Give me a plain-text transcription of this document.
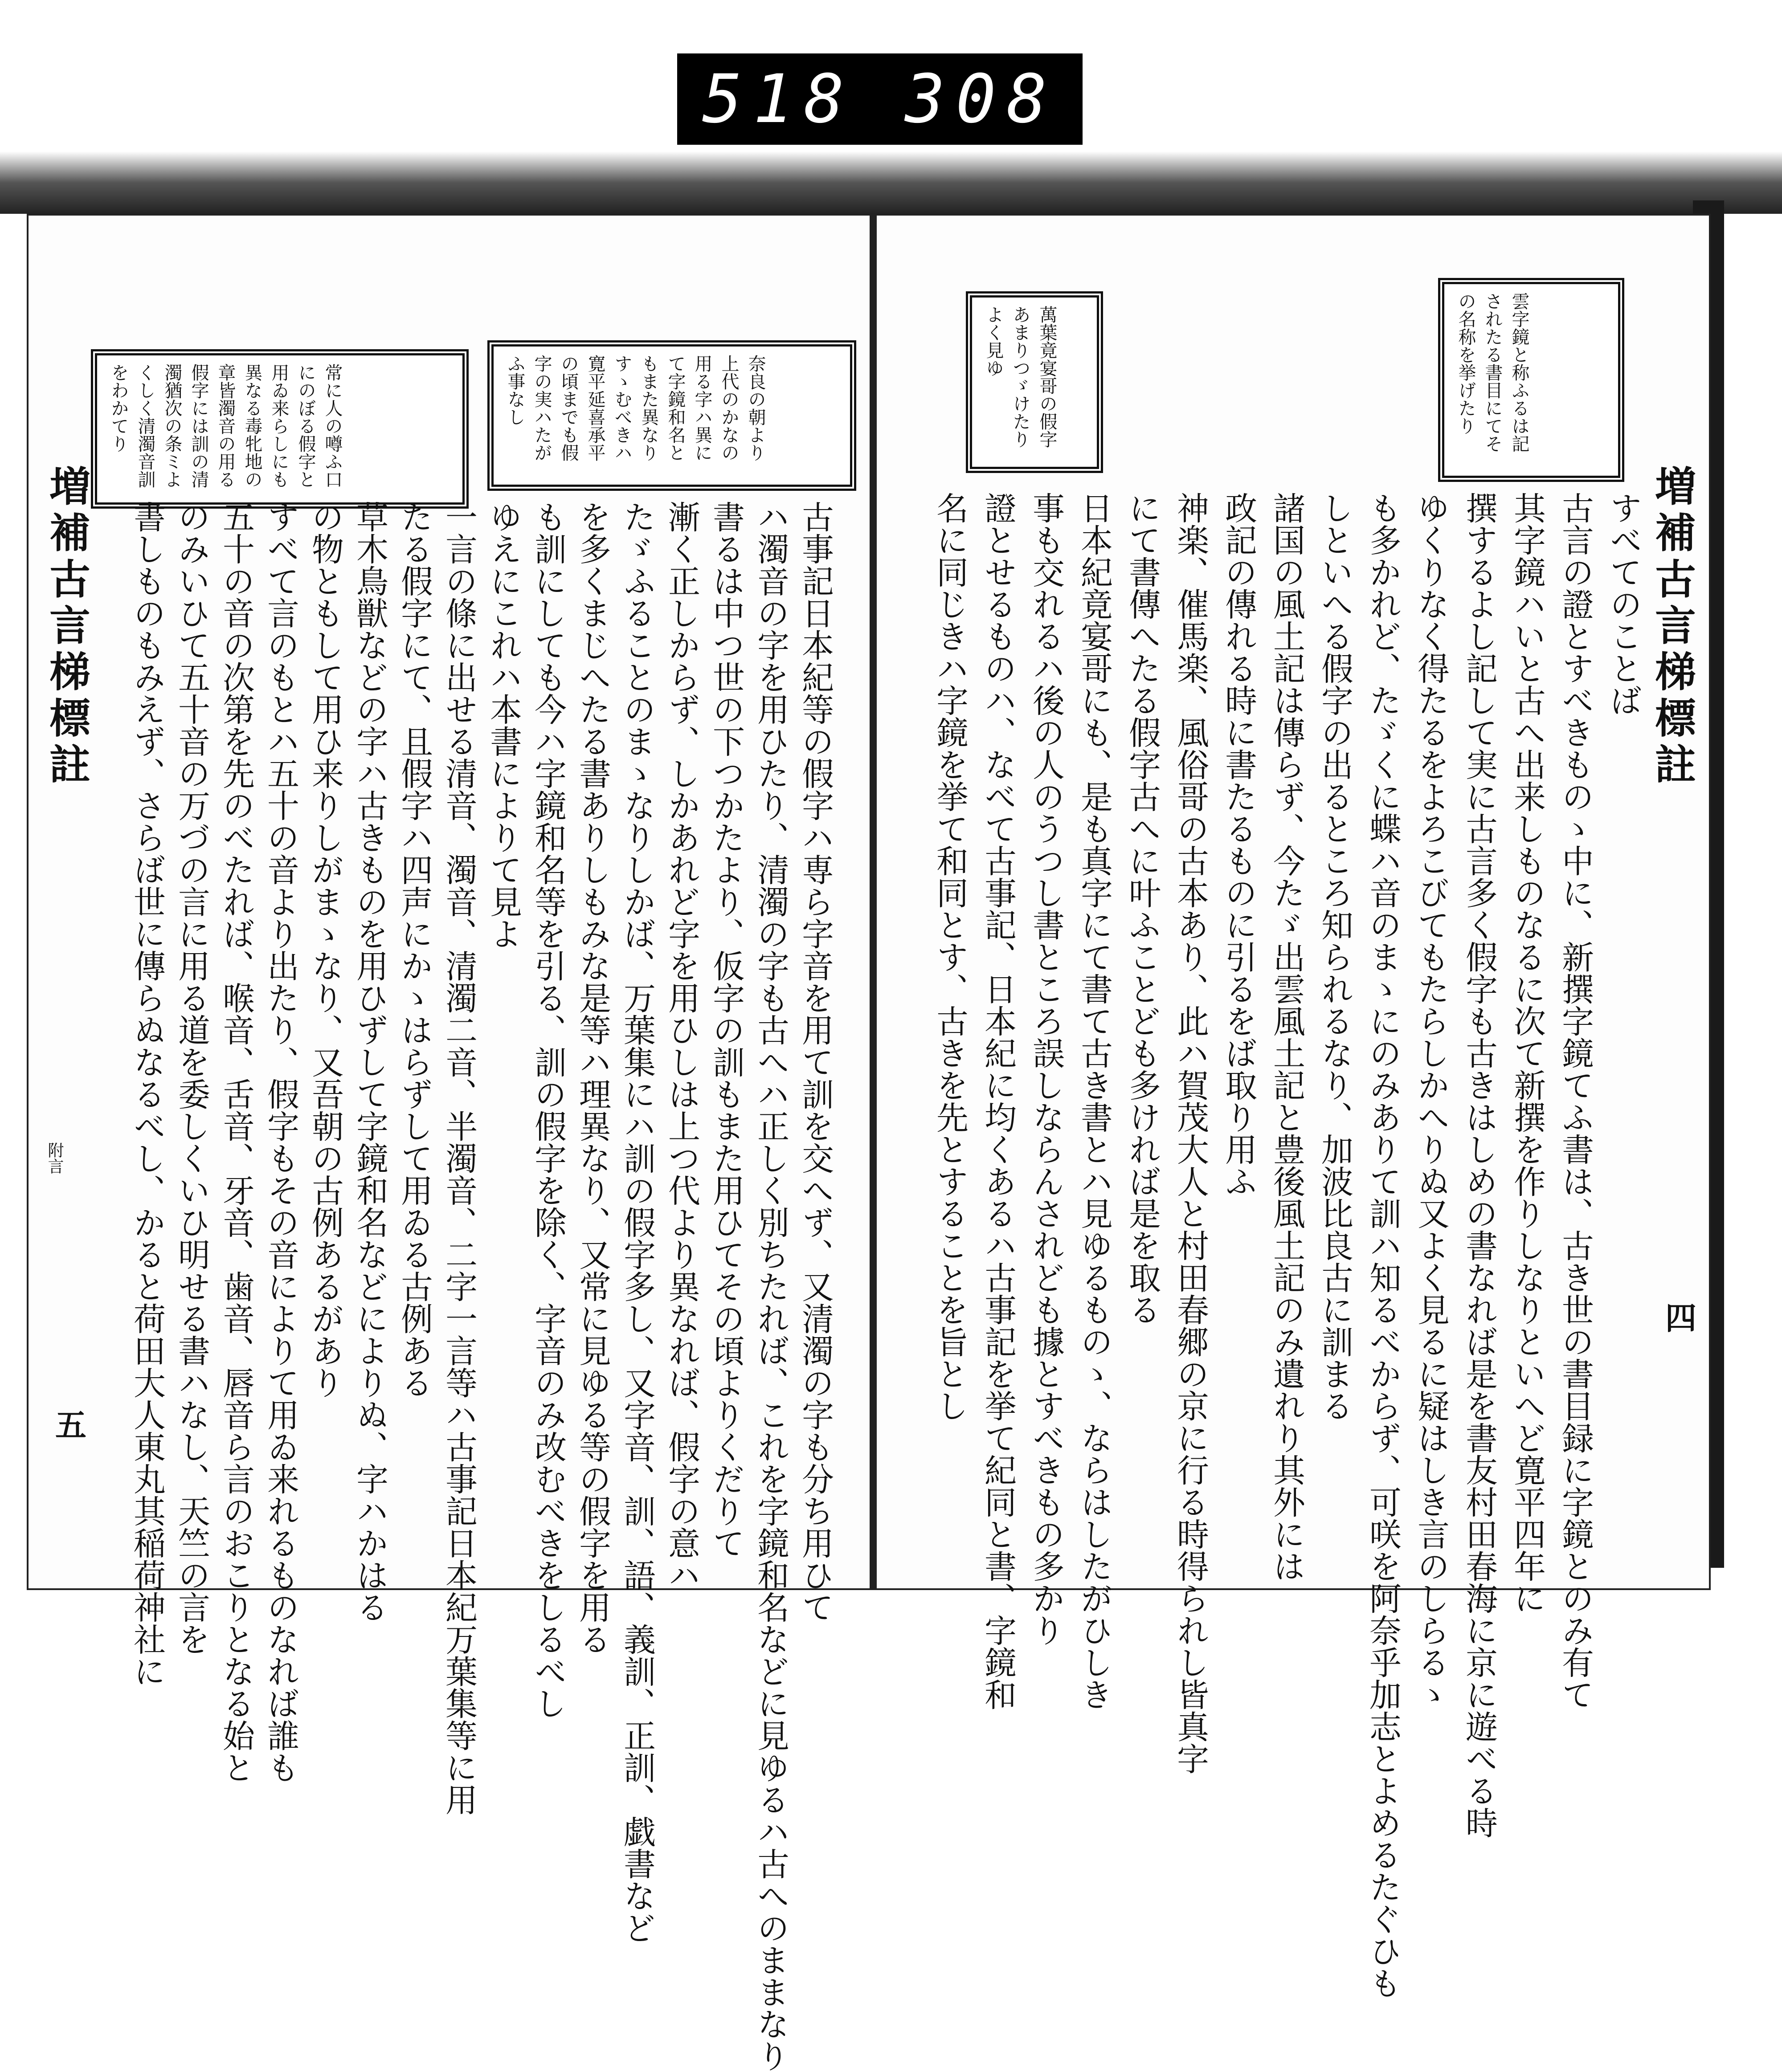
518 308
奈良の朝より上代のかなの用る字ハ異にて字鏡和名ともまた異なりすゝむべきハ寛平延喜承平の頃までも假字の実ハたがふ事なし
常に人の噂ふ口にのぼる假字と用ゐ来らしにも異なる毒牝地の章皆濁音の用る假字には訓の清濁猶次の条ミよくしく清濁音訓をわかてり
増補古言梯標註
附言
五	古事記日本紀等の假字ハ専ら字音を用て訓を交へず、又清濁の字も分ち用ひて
ハ濁音の字を用ひたり、清濁の字も古へハ正しく別ちたれば、これを字鏡和名などに見ゆるハ古へのままなり
書るは中つ世の下つかたより、仮字の訓もまた用ひてその頃よりくだりて
漸く正しからず、しかあれど字を用ひしは上つ代より異なれば、假字の意ハ
たゞふることのまゝなりしかば、万葉集にハ訓の假字多し、又字音、訓、語、義訓、正訓、戯書など
を多くまじへたる書ありしもみな是等ハ理異なり、又常に見ゆる等の假字を用る
も訓にしても今ハ字鏡和名等を引る、訓の假字を除く、字音のみ改むべきをしるべし
ゆえにこれハ本書によりて見よ
一言の條に出せる清音、濁音、清濁二音、半濁音、二字一言等ハ古事記日本紀万葉集等に用
たる假字にて、且假字ハ四声にかゝはらずして用ゐる古例ある
草木鳥獣などの字ハ古きものを用ひずして字鏡和名などによりぬ、字ハかはる
の物ともして用ひ来りしがまゝなり、又吾朝の古例あるがあり
すべて言のもとハ五十の音より出たり、假字もその音によりて用ゐ来れるものなれば誰も
五十の音の次第を先のべたれば、喉音、舌音、牙音、歯音、唇音ら言のおこりとなる始と
のみいひて五十音の万づの言に用る道を委しくいひ明せる書ハなし、天竺の言を
書しものもみえず、さらば世に傳らぬなるべし、かると荷田大人東丸其稲荷神社に
雲字鏡と称ふるは記されたる書目にてその名称を挙げたり
萬葉竟宴哥の假字あまりつゞけたりよく見ゆ
増補古言梯標註
四
すべてのことば
古言の證とすべきものゝ中に、新撰字鏡てふ書は、古き世の書目録に字鏡とのみ有て
其字鏡ハいと古へ出来しものなるに次て新撰を作りしなりといへど寛平四年に
撰するよし記して実に古言多く假字も古きはしめの書なれば是を書友村田春海に京に遊べる時
ゆくりなく得たるをよろこびてもたらしかへりぬ又よく見るに疑はしき言のしらるゝ
も多かれど、たゞくに蝶ハ音のまゝにのみありて訓ハ知るべからず、可咲を阿奈乎加志とよめるたぐひも
しといへる假字の出るところ知られるなり、加波比良古に訓まる
諸国の風土記は傳らず、今たゞ出雲風土記と豊後風土記のみ遺れり其外には
政記の傳れる時に書たるものに引るをば取り用ふ
神楽、催馬楽、風俗哥の古本あり、此ハ賀茂大人と村田春郷の京に行る時得られし皆真字
にて書傳へたる假字古へに叶ふことども多ければ是を取る
日本紀竟宴哥にも、是も真字にて書て古き書とハ見ゆるものゝ、ならはしたがひしき
事も交れるハ後の人のうつし書ところ誤しならんされども據とすべきもの多かり
證とせるものハ、なべて古事記、日本紀に均くあるハ古事記を挙て紀同と書、字鏡和
名に同じきハ字鏡を挙て和同とす、古きを先とすることを旨とし
